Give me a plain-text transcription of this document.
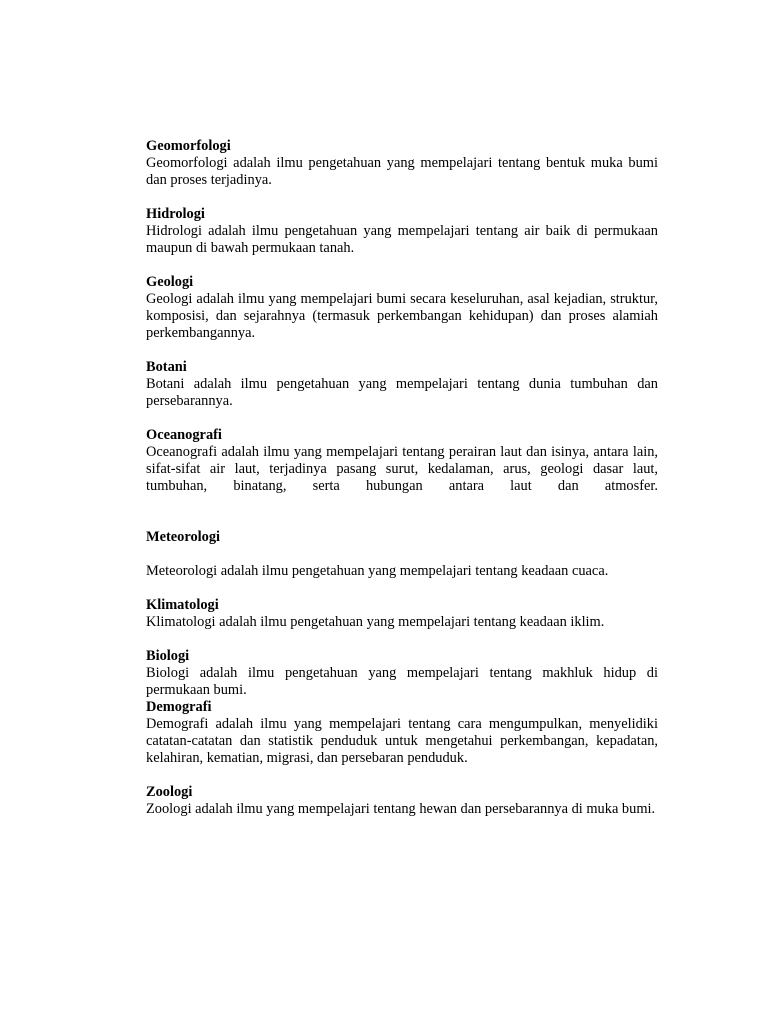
Geomorfologi

Geomorfologi adalah ilmu pengetahuan yang mempelajari tentang bentuk muka bumi dan proses terjadinya.

Hidrologi

Hidrologi adalah ilmu pengetahuan yang mempelajari tentang air baik di permukaan maupun di bawah permukaan tanah.

Geologi

Geologi adalah ilmu yang mempelajari bumi secara keseluruhan, asal kejadian, struktur, komposisi, dan sejarahnya (termasuk perkembangan kehidupan) dan proses alamiah perkembangannya.

Botani

Botani adalah ilmu pengetahuan yang mempelajari tentang dunia tumbuhan dan persebarannya.

Oceanografi

Oceanografi adalah ilmu yang mempelajari tentang perairan laut dan isinya, antara lain, sifat-sifat air laut, terjadinya pasang surut, kedalaman, arus, geologi dasar laut, tumbuhan, binatang, serta hubungan antara laut dan atmosfer.

Meteorologi

Meteorologi adalah ilmu pengetahuan yang mempelajari tentang keadaan cuaca.

Klimatologi

Klimatologi adalah ilmu pengetahuan yang mempelajari tentang keadaan iklim.

Biologi

Biologi adalah ilmu pengetahuan yang mempelajari tentang makhluk hidup di permukaan bumi.

Demografi

Demografi adalah ilmu yang mempelajari tentang cara mengumpulkan, menyelidiki catatan-catatan dan statistik penduduk untuk mengetahui perkembangan, kepadatan, kelahiran, kematian, migrasi, dan persebaran penduduk.

Zoologi

Zoologi adalah ilmu yang mempelajari tentang hewan dan persebarannya di muka bumi.
